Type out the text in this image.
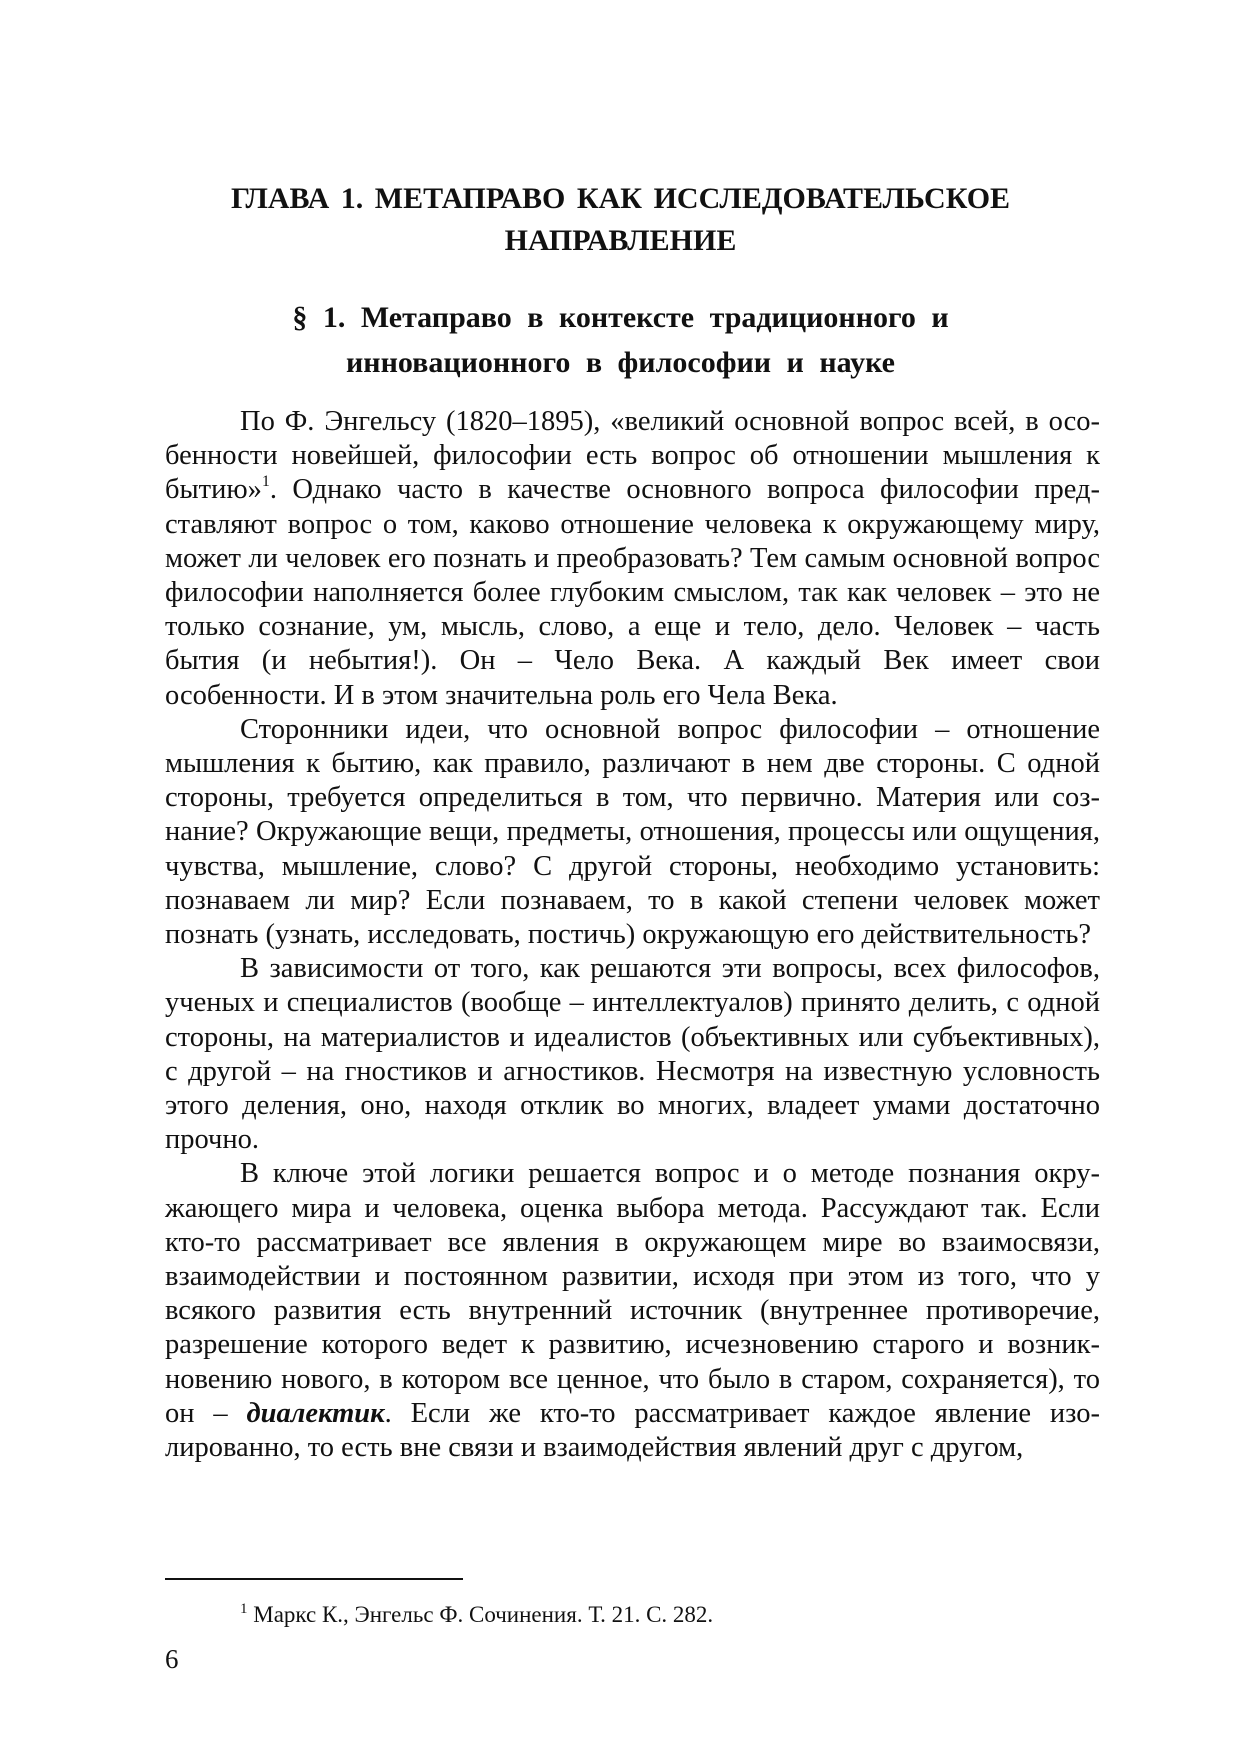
ГЛАВА 1. МЕТАПРАВО КАК ИССЛЕДОВАТЕЛЬСКОЕ
НАПРАВЛЕНИЕ
§ 1. Метаправо в контексте традиционного и
инновационного в философии и науке

По Ф. Энгельсу (1820–1895), «великий основной вопрос всей, в особенности новейшей, философии есть вопрос об отношении мышления к бытию»$^1$. Однако часто в качестве основного вопроса философии представляют вопрос о том, каково отношение человека к окружающему миру, может ли человек его познать и преобразовать? Тем самым основной вопрос философии наполняется более глубоким смыслом, так как человек – это не только сознание, ум, мысль, слово, а еще и тело, дело. Человек – часть бытия (и небытия!). Он – Чело Века. А каждый Век имеет свои особенности. И в этом значительна роль его Чела Века.

Сторонники идеи, что основной вопрос философии – отношение мышления к бытию, как правило, различают в нем две стороны. С одной стороны, требуется определиться в том, что первично. Материя или сознание? Окружающие вещи, предметы, отношения, процессы или ощущения, чувства, мышление, слово? С другой стороны, необходимо установить: познаваем ли мир? Если познаваем, то в какой степени человек может познать (узнать, исследовать, постичь) окружающую его действительность?

В зависимости от того, как решаются эти вопросы, всех философов, ученых и специалистов (вообще – интеллектуалов) принято делить, с одной стороны, на материалистов и идеалистов (объективных или субъективных), с другой – на гностиков и агностиков. Несмотря на известную условность этого деления, оно, находя отклик во многих, владеет умами достаточно прочно.

В ключе этой логики решается вопрос и о методе познания окружающего мира и человека, оценка выбора метода. Рассуждают так. Если кто-то рассматривает все явления в окружающем мире во взаимосвязи, взаимодействии и постоянном развитии, исходя при этом из того, что у всякого развития есть внутренний источник (внутреннее противоречие, разрешение которого ведет к развитию, исчезновению старого и возникновению нового, в котором все ценное, что было в старом, сохраняется), то он – диалектик. Если же кто-то рассматривает каждое явление изолированно, то есть вне связи и взаимодействия явлений друг с другом,

$^1$ Маркс К., Энгельс Ф. Сочинения. Т. 21. С. 282.

6
